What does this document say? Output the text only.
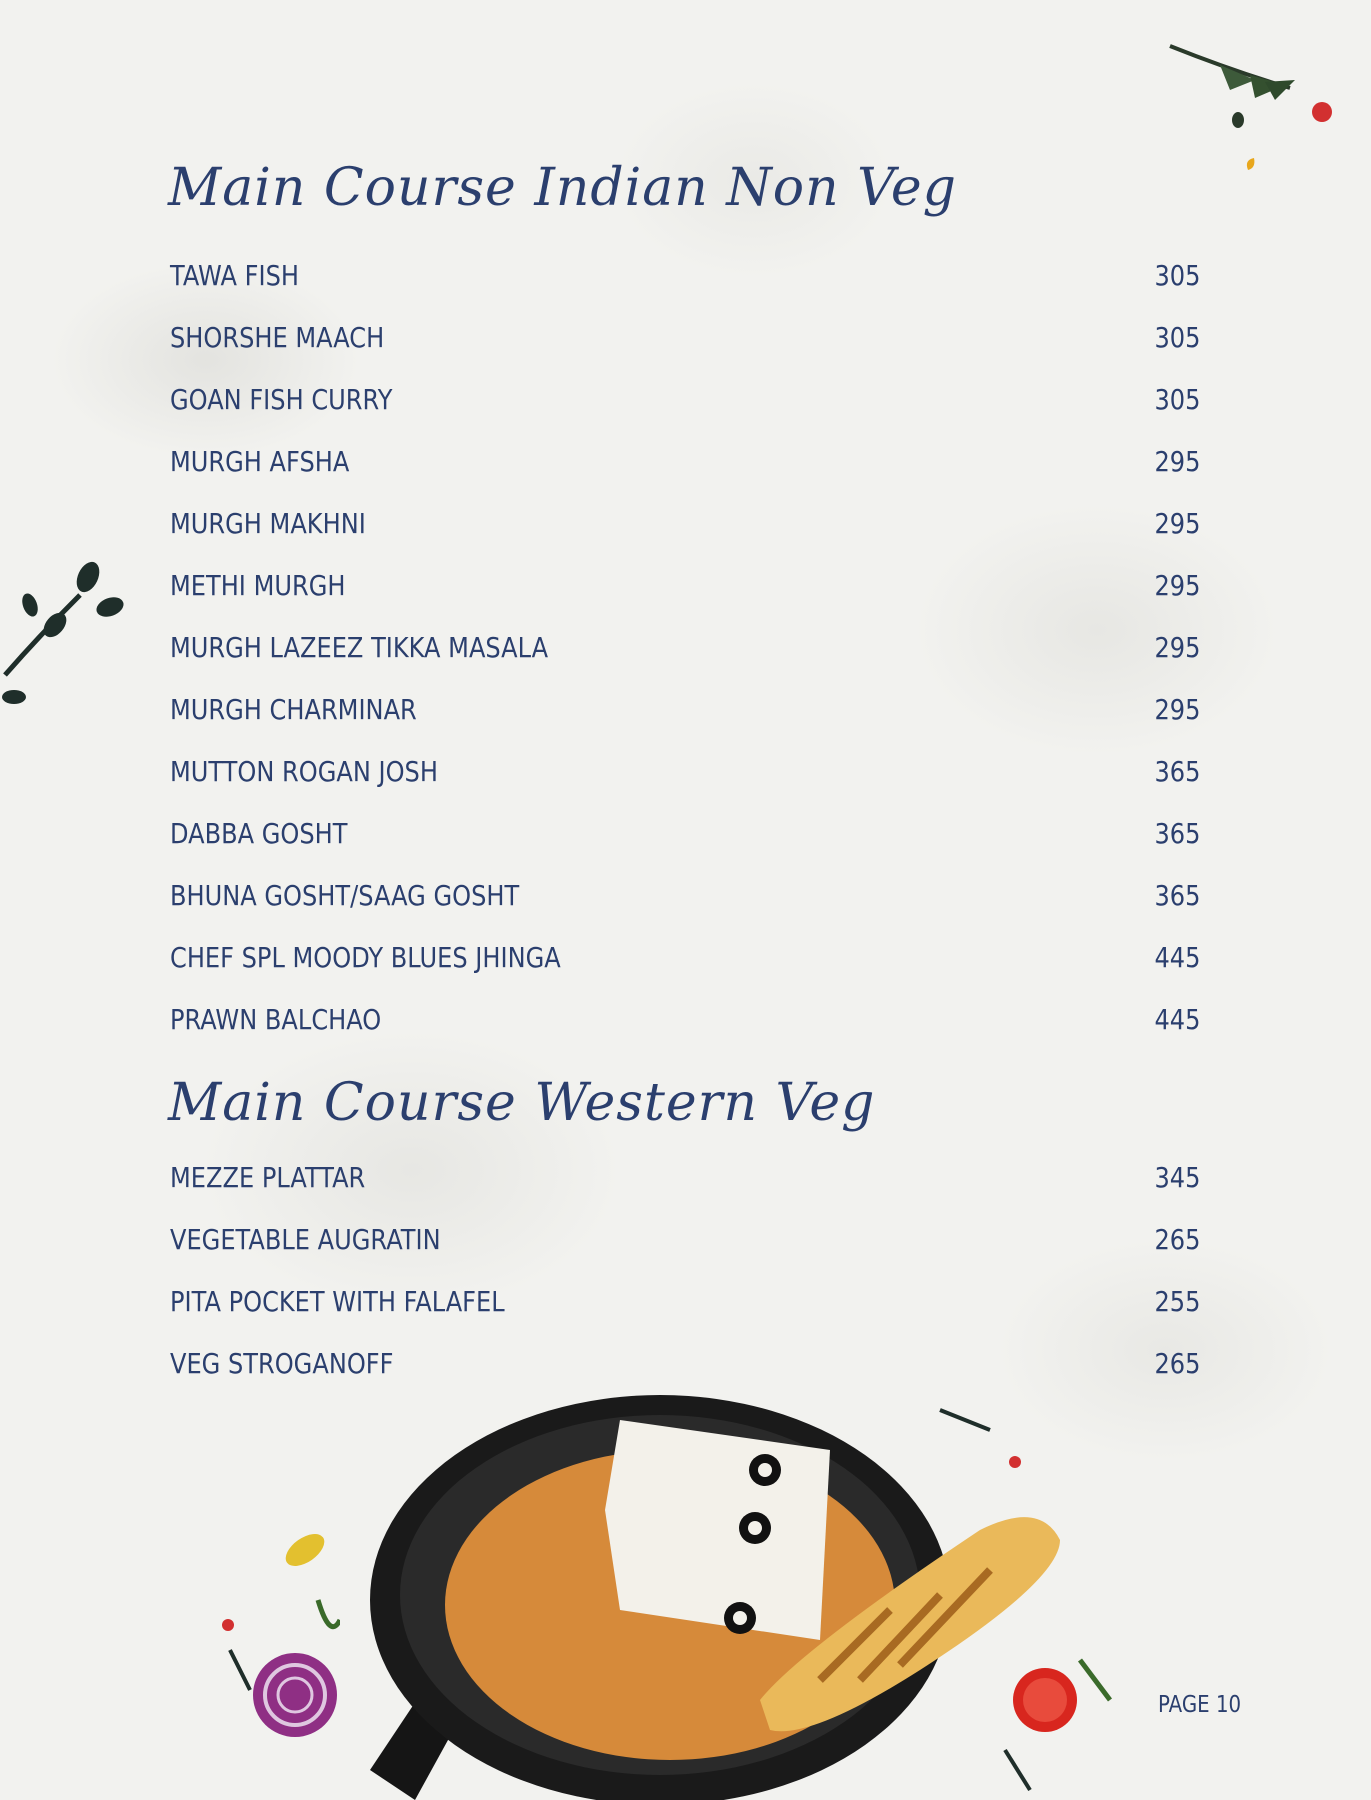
Main Course Indian Non Veg
TAWA FISH	305
SHORSHE MAACH	305
GOAN FISH CURRY	305
MURGH AFSHA	295
MURGH MAKHNI	295
METHI MURGH	295
MURGH LAZEEZ TIKKA MASALA	295
MURGH CHARMINAR	295
MUTTON ROGAN JOSH	365
DABBA GOSHT	365
BHUNA GOSHT/SAAG GOSHT	365
CHEF SPL MOODY BLUES JHINGA	445
PRAWN BALCHAO	445
Main Course Western Veg
MEZZE PLATTAR	345
VEGETABLE AUGRATIN	265
PITA POCKET WITH FALAFEL	255
VEG STROGANOFF	265
PAGE 10
